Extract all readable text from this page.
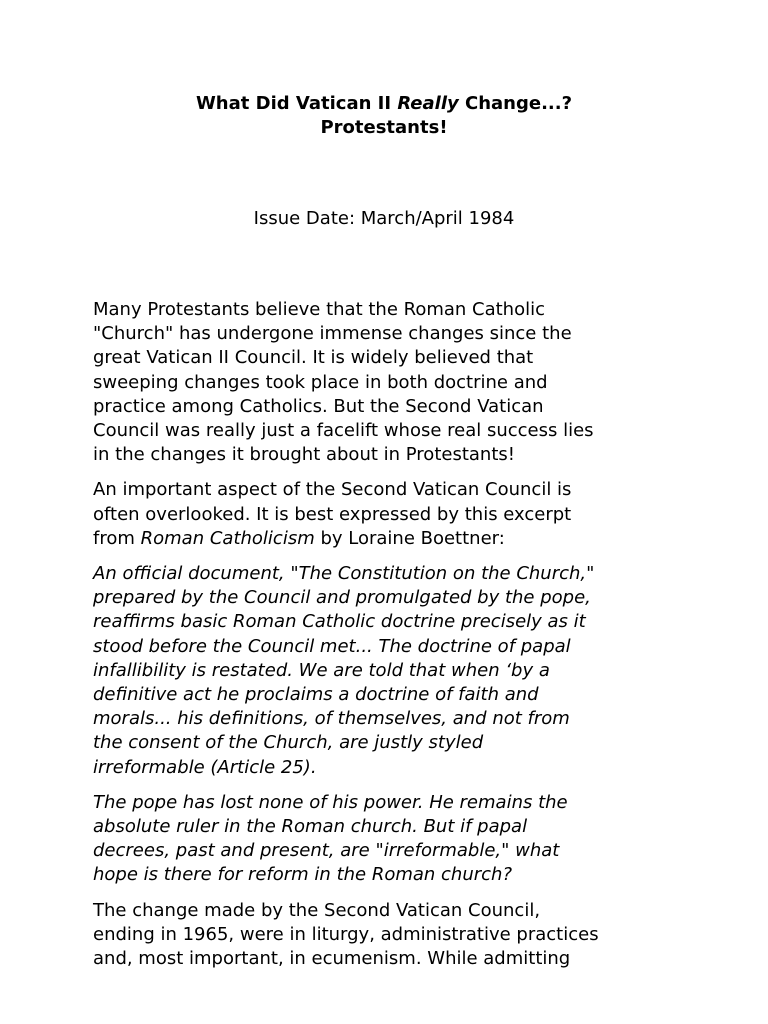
What Did Vatican II Really Change...?
Protestants!

Issue Date: March/April 1984

Many Protestants believe that the Roman Catholic
"Church" has undergone immense changes since the
great Vatican II Council. It is widely believed that
sweeping changes took place in both doctrine and
practice among Catholics. But the Second Vatican
Council was really just a facelift whose real success lies
in the changes it brought about in Protestants!

An important aspect of the Second Vatican Council is
often overlooked. It is best expressed by this excerpt
from Roman Catholicism by Loraine Boettner:

An official document, "The Constitution on the Church,"
prepared by the Council and promulgated by the pope,
reaffirms basic Roman Catholic doctrine precisely as it
stood before the Council met... The doctrine of papal
infallibility is restated. We are told that when ‘by a
definitive act he proclaims a doctrine of faith and
morals... his definitions, of themselves, and not from
the consent of the Church, are justly styled
irreformable (Article 25).

The pope has lost none of his power. He remains the
absolute ruler in the Roman church. But if papal
decrees, past and present, are "irreformable," what
hope is there for reform in the Roman church?

The change made by the Second Vatican Council,
ending in 1965, were in liturgy, administrative practices
and, most important, in ecumenism. While admitting
